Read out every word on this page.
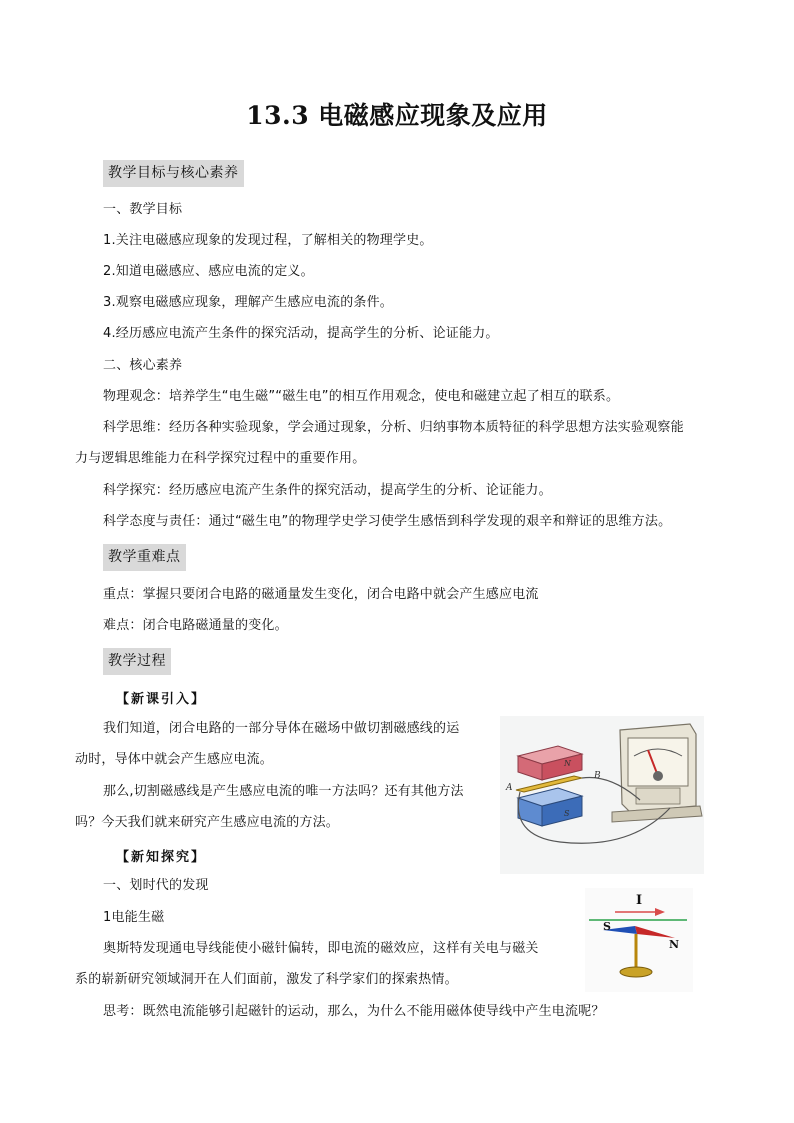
13.3 电磁感应现象及应用
教学目标与核心素养
一、教学目标
1.关注电磁感应现象的发现过程，了解相关的物理学史。
2.知道电磁感应、感应电流的定义。
3.观察电磁感应现象，理解产生感应电流的条件。
4.经历感应电流产生条件的探究活动，提高学生的分析、论证能力。
二、核心素养
物理观念：培养学生“电生磁”“磁生电”的相互作用观念，使电和磁建立起了相互的联系。
科学思维：经历各种实验现象，学会通过现象，分析、归纳事物本质特征的科学思想方法实验观察能
力与逻辑思维能力在科学探究过程中的重要作用。
科学探究：经历感应电流产生条件的探究活动，提高学生的分析、论证能力。
科学态度与责任：通过“磁生电”的物理学史学习使学生感悟到科学发现的艰辛和辩证的思维方法。
教学重难点
重点：掌握只要闭合电路的磁通量发生变化，闭合电路中就会产生感应电流
难点：闭合电路磁通量的变化。
教学过程
【新课引入】
我们知道，闭合电路的一部分导体在磁场中做切割磁感线的运
动时，导体中就会产生感应电流。
那么,切割磁感线是产生感应电流的唯一方法吗？还有其他方法
吗？今天我们就来研究产生感应电流的方法。
【新知探究】
一、划时代的发现
1电能生磁
奥斯特发现通电导线能使小磁针偏转，即电流的磁效应，这样有关电与磁关
系的崭新研究领域洞开在人们面前，激发了科学家们的探索热情。
思考：既然电流能够引起磁针的运动，那么，为什么不能用磁体使导线中产生电流呢？
A
B
N
S
I
S
N
